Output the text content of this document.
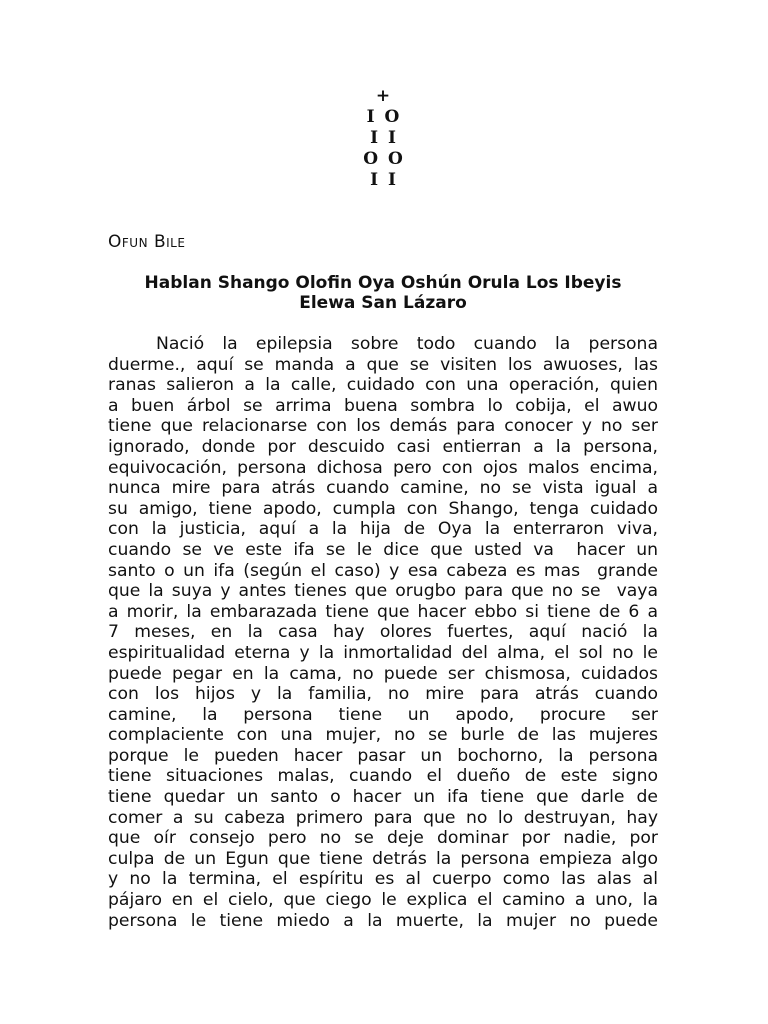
+
I O
I I
O O
I I
Ofun Bile
Hablan Shango Olofin Oya Oshún Orula Los Ibeyis
Elewa San Lázaro
Nació la epilepsia sobre todo cuando la persona
duerme., aquí se manda a que se visiten los awuoses, las
ranas salieron a la calle, cuidado con una operación, quien
a buen árbol se arrima buena sombra lo cobija, el awuo
tiene que relacionarse con los demás para conocer y no ser
ignorado, donde por descuido casi entierran a la persona,
equivocación, persona dichosa pero con ojos malos encima,
nunca mire para atrás cuando camine, no se vista igual a
su amigo, tiene apodo, cumpla con Shango, tenga cuidado
con la justicia, aquí a la hija de Oya la enterraron viva,
cuando se ve este ifa se le dice que usted va  hacer un
santo o un ifa (según el caso) y esa cabeza es mas  grande
que la suya y antes tienes que orugbo para que no se  vaya
a morir, la embarazada tiene que hacer ebbo si tiene de 6 a
7 meses, en la casa hay olores fuertes, aquí nació la
espiritualidad eterna y la inmortalidad del alma, el sol no le
puede pegar en la cama, no puede ser chismosa, cuidados
con los hijos y la familia, no mire para atrás cuando
camine, la persona tiene un apodo, procure ser
complaciente con una mujer, no se burle de las mujeres
porque le pueden hacer pasar un bochorno, la persona
tiene situaciones malas, cuando el dueño de este signo
tiene quedar un santo o hacer un ifa tiene que darle de
comer a su cabeza primero para que no lo destruyan, hay
que oír consejo pero no se deje dominar por nadie, por
culpa de un Egun que tiene detrás la persona empieza algo
y no la termina, el espíritu es al cuerpo como las alas al
pájaro en el cielo, que ciego le explica el camino a uno, la
persona le tiene miedo a la muerte, la mujer no puede
